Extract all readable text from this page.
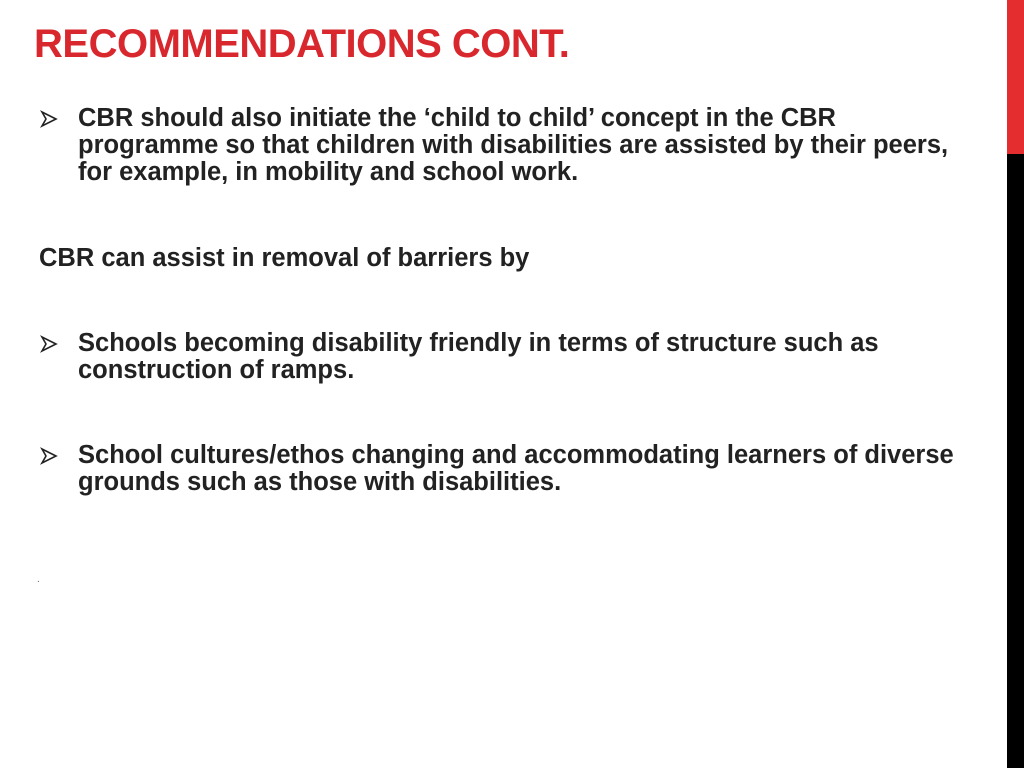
RECOMMENDATIONS CONT.
CBR should also initiate the ‘child to child’ concept in the CBR programme so that children with disabilities are assisted by their peers, for example, in mobility and school work.
CBR can assist in removal of barriers by
Schools becoming disability friendly in terms of structure such as construction of ramps.
School cultures/ethos changing and accommodating learners of diverse grounds such as those with disabilities.
.
